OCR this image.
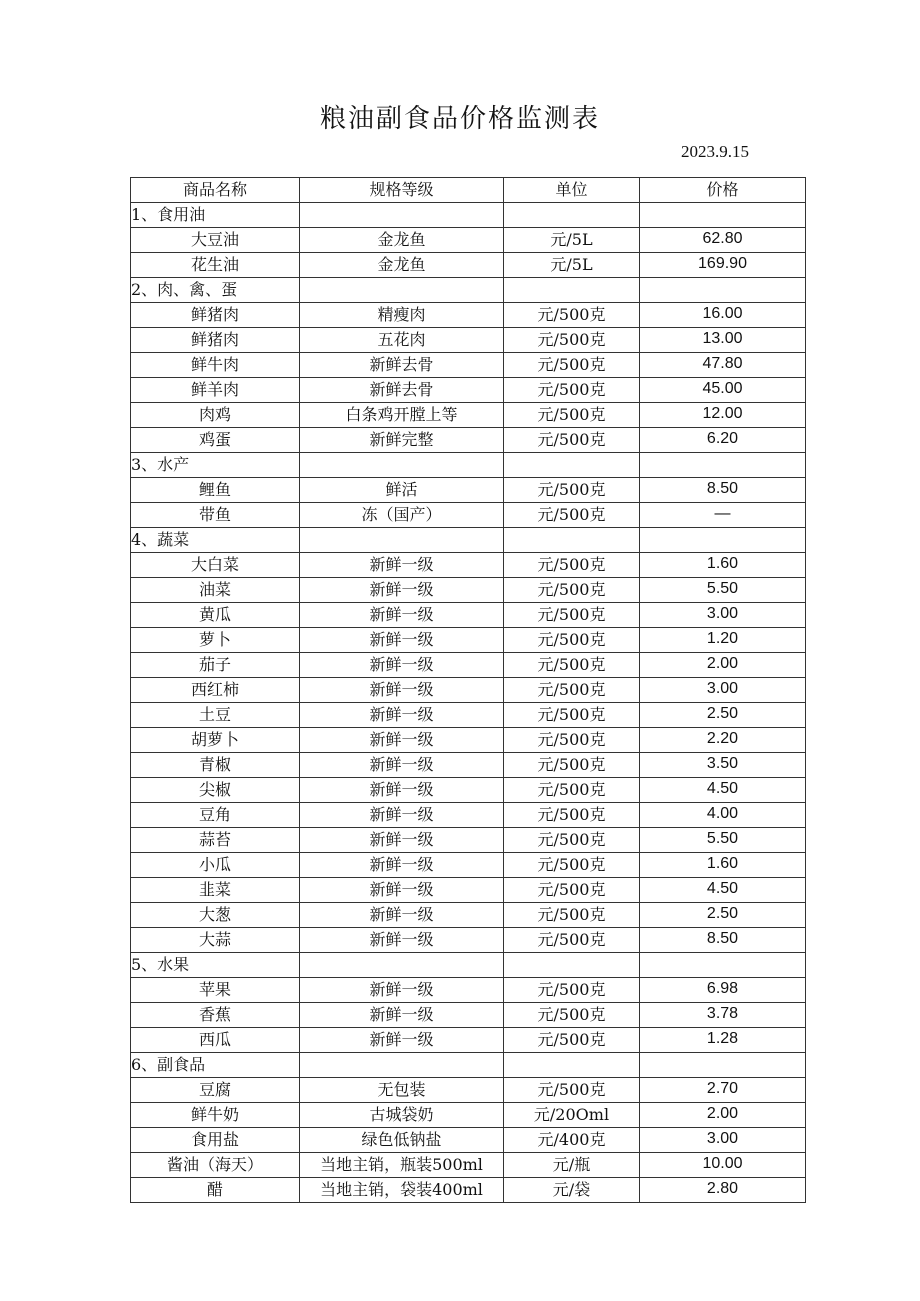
粮油副食品价格监测表
2023.9.15
商品名称	规格等级	单位	价格
1、食用油			
大豆油	金龙鱼	元/5L	62.80
花生油	金龙鱼	元/5L	169.90
2、肉、禽、蛋			
鲜猪肉	精瘦肉	元/500克	16.00
鲜猪肉	五花肉	元/500克	13.00
鲜牛肉	新鲜去骨	元/500克	47.80
鲜羊肉	新鲜去骨	元/500克	45.00
肉鸡	白条鸡开膛上等	元/500克	12.00
鸡蛋	新鲜完整	元/500克	6.20
3、水产			
鲤鱼	鲜活	元/500克	8.50
带鱼	冻（国产）	元/500克	—
4、蔬菜			
大白菜	新鲜一级	元/500克	1.60
油菜	新鲜一级	元/500克	5.50
黄瓜	新鲜一级	元/500克	3.00
萝卜	新鲜一级	元/500克	1.20
茄子	新鲜一级	元/500克	2.00
西红柿	新鲜一级	元/500克	3.00
土豆	新鲜一级	元/500克	2.50
胡萝卜	新鲜一级	元/500克	2.20
青椒	新鲜一级	元/500克	3.50
尖椒	新鲜一级	元/500克	4.50
豆角	新鲜一级	元/500克	4.00
蒜苔	新鲜一级	元/500克	5.50
小瓜	新鲜一级	元/500克	1.60
韭菜	新鲜一级	元/500克	4.50
大葱	新鲜一级	元/500克	2.50
大蒜	新鲜一级	元/500克	8.50
5、水果			
苹果	新鲜一级	元/500克	6.98
香蕉	新鲜一级	元/500克	3.78
西瓜	新鲜一级	元/500克	1.28
6、副食品			
豆腐	无包装	元/500克	2.70
鲜牛奶	古城袋奶	元/20Oml	2.00
食用盐	绿色低钠盐	元/400克	3.00
酱油（海天）	当地主销，瓶装500ml	元/瓶	10.00
醋	当地主销，袋装400ml	元/袋	2.80
